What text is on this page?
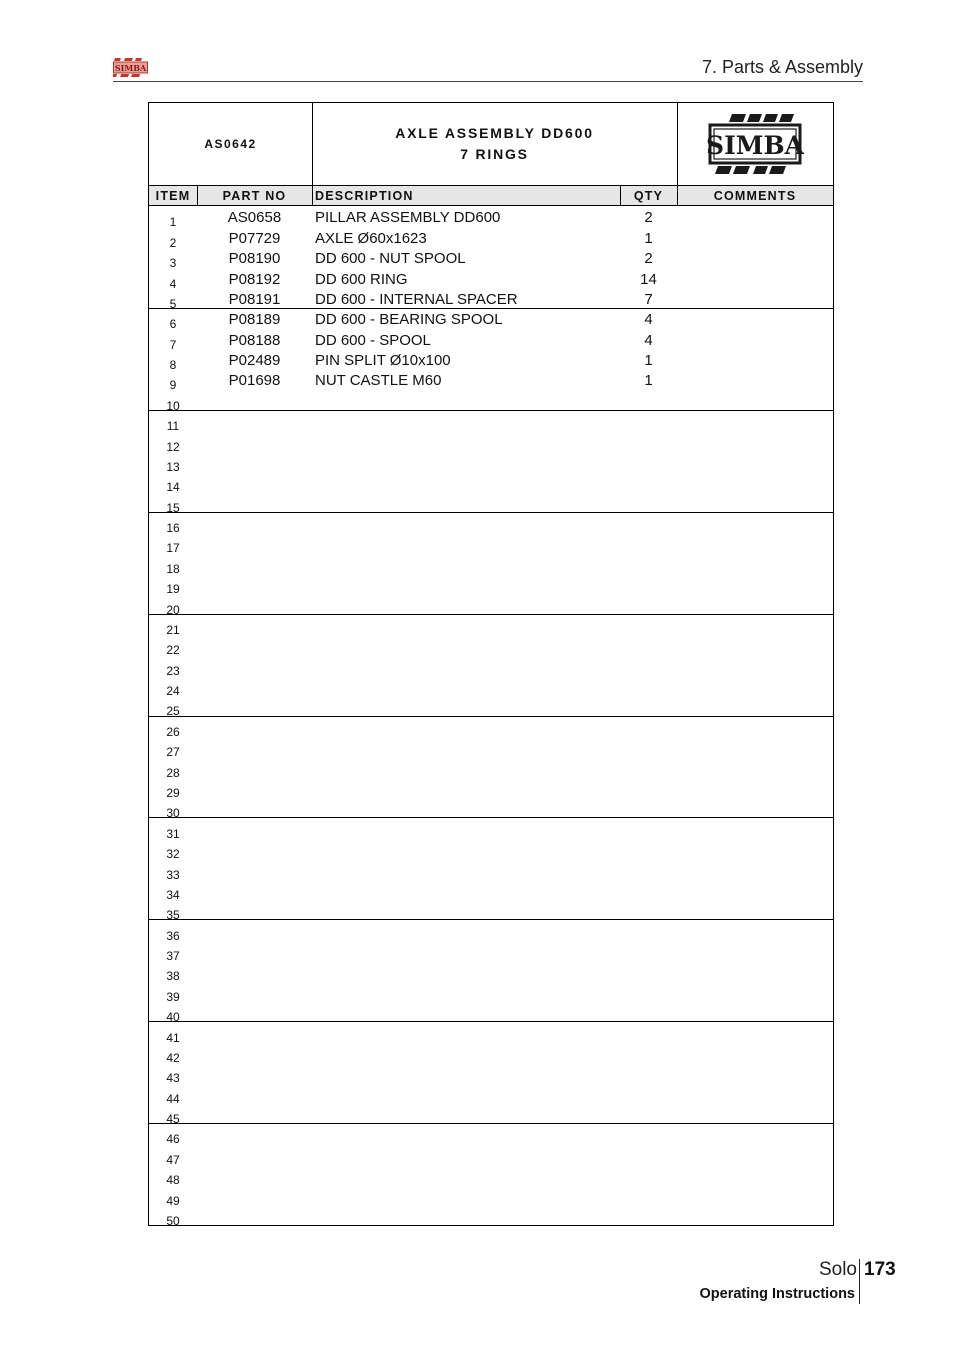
SIMBA	7. Parts & Assembly
AS0642
AXLE ASSEMBLY DD600
7 RINGS	SIMBA
ITEM	PART NO	DESCRIPTION	QTY	COMMENTS
1	AS0658	PILLAR ASSEMBLY DD600	2
2	P07729	AXLE Ø60x1623	1
3	P08190	DD 600 - NUT SPOOL	2
4	P08192	DD 600 RING	14
5	P08191	DD 600 - INTERNAL SPACER	7
6	P08189	DD 600 - BEARING SPOOL	4
7	P08188	DD 600 - SPOOL	4
8	P02489	PIN SPLIT Ø10x100	1
9	P01698	NUT CASTLE M60	1
10
11
12
13
14
15
16
17
18
19
20
21
22
23
24
25
26
27
28
29
30
31
32
33
34
35
36
37
38
39
40
41
42
43
44
45
46
47
48
49
50
Solo 173
Operating Instructions
